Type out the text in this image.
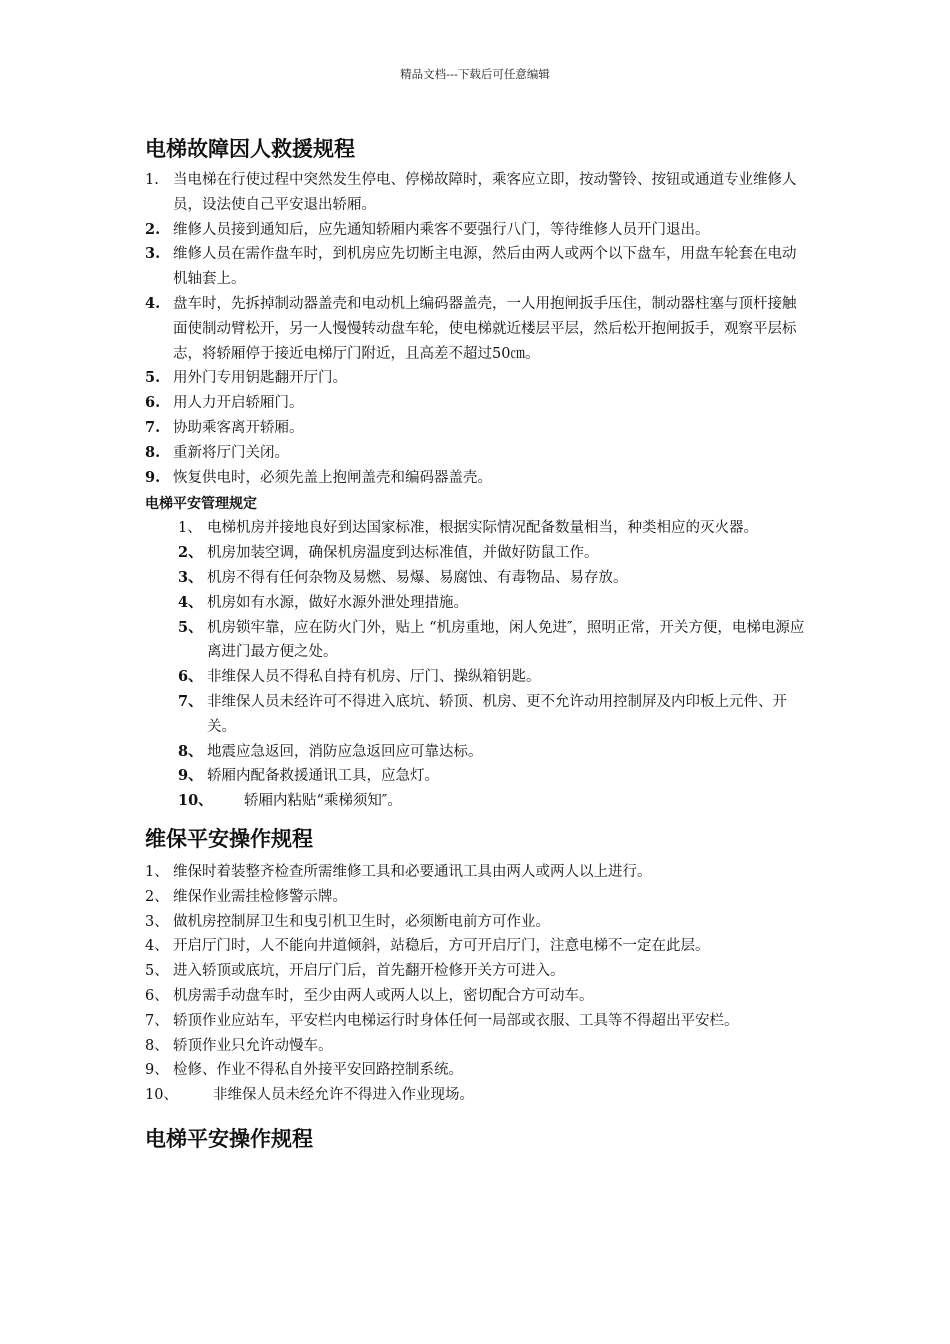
精品文档---下载后可任意编辑
电梯故障因人救援规程
1. 当电梯在行使过程中突然发生停电、停梯故障时，乘客应立即，按动警铃、按钮或通道专业维修人员，设法使自己平安退出轿厢。
2. 维修人员接到通知后，应先通知轿厢内乘客不要强行八门，等待维修人员开门退出。
3. 维修人员在需作盘车时，到机房应先切断主电源，然后由两人或两个以下盘车，用盘车轮套在电动机轴套上。
4. 盘车时，先拆掉制动器盖壳和电动机上编码器盖壳，一人用抱闸扳手压住，制动器柱塞与顶杆接触面使制动臂松开，另一人慢慢转动盘车轮，使电梯就近楼层平层，然后松开抱闸扳手，观察平层标志，将轿厢停于接近电梯厅门附近，且高差不超过50㎝。
5. 用外门专用钥匙翻开厅门。
6. 用人力开启轿厢门。
7. 协助乘客离开轿厢。
8. 重新将厅门关闭。
9. 恢复供电时，必须先盖上抱闸盖壳和编码器盖壳。
电梯平安管理规定
1、 电梯机房并接地良好到达国家标准，根据实际情况配备数量相当，种类相应的灭火器。
2、 机房加装空调，确保机房温度到达标准值，并做好防鼠工作。
3、 机房不得有任何杂物及易燃、易爆、易腐蚀、有毒物品、易存放。
4、 机房如有水源，做好水源外泄处理措施。
5、 机房锁牢靠，应在防火门外，贴上 “机房重地，闲人免进″，照明正常，开关方便，电梯电源应离进门最方便之处。
6、 非维保人员不得私自持有机房、厅门、操纵箱钥匙。
7、 非维保人员未经许可不得进入底坑、轿顶、机房、更不允许动用控制屏及内印板上元件、开关。
8、 地震应急返回，消防应急返回应可靠达标。
9、 轿厢内配备救援通讯工具，应急灯。
10、 轿厢内粘贴“乘梯须知″。
维保平安操作规程
1、 维保时着装整齐检查所需维修工具和必要通讯工具由两人或两人以上进行。
2、 维保作业需挂检修警示牌。
3、 做机房控制屏卫生和曳引机卫生时，必须断电前方可作业。
4、 开启厅门时，人不能向井道倾斜，站稳后，方可开启厅门，注意电梯不一定在此层。
5、 进入轿顶或底坑，开启厅门后，首先翻开检修开关方可进入。
6、 机房需手动盘车时，至少由两人或两人以上，密切配合方可动车。
7、 轿顶作业应站车，平安栏内电梯运行时身体任何一局部或衣服、工具等不得超出平安栏。
8、 轿顶作业只允许动慢车。
9、 检修、作业不得私自外接平安回路控制系统。
10、 非维保人员未经允许不得进入作业现场。
电梯平安操作规程
